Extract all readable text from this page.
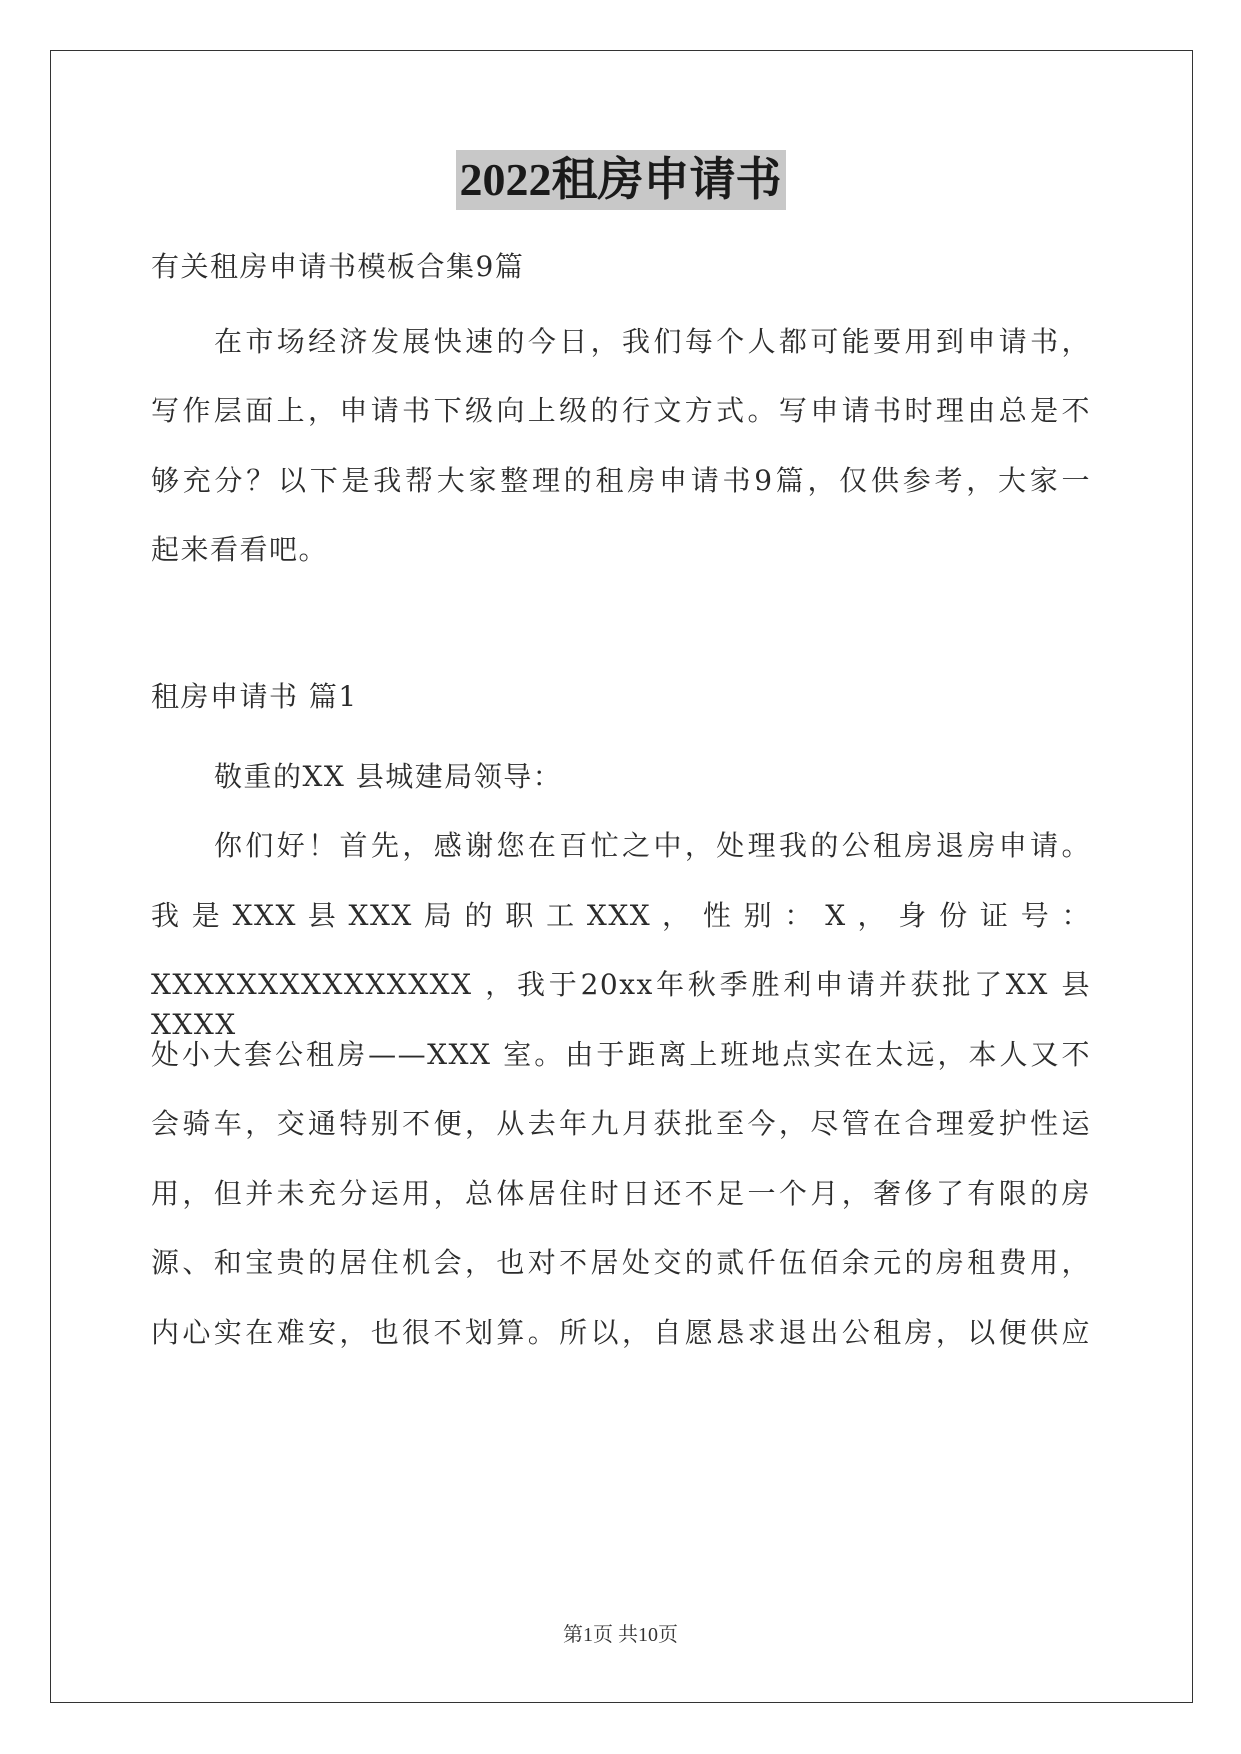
2022租房申请书
有关租房申请书模板合集9篇
在市场经济发展快速的今日，我们每个人都可能要用到申请书，
写作层面上，申请书下级向上级的行文方式。写申请书时理由总是不
够充分？以下是我帮大家整理的租房申请书9篇，仅供参考，大家一
起来看看吧。
租房申请书 篇1
敬重的XX 县城建局领导：
你们好！首先，感谢您在百忙之中，处理我的公租房退房申请。
我 是 XXX 县 XXX 局 的 职 工 XXX ， 性 别 ： X ， 身 份 证 号 ：
XXXXXXXXXXXXXXX ，我于20xx年秋季胜利申请并获批了XX 县XXXX
处小大套公租房——XXX 室。由于距离上班地点实在太远，本人又不
会骑车，交通特别不便，从去年九月获批至今，尽管在合理爱护性运
用，但并未充分运用，总体居住时日还不足一个月，奢侈了有限的房
源、和宝贵的居住机会，也对不居处交的贰仟伍佰余元的房租费用，
内心实在难安，也很不划算。所以，自愿恳求退出公租房，以便供应
第1页 共10页
